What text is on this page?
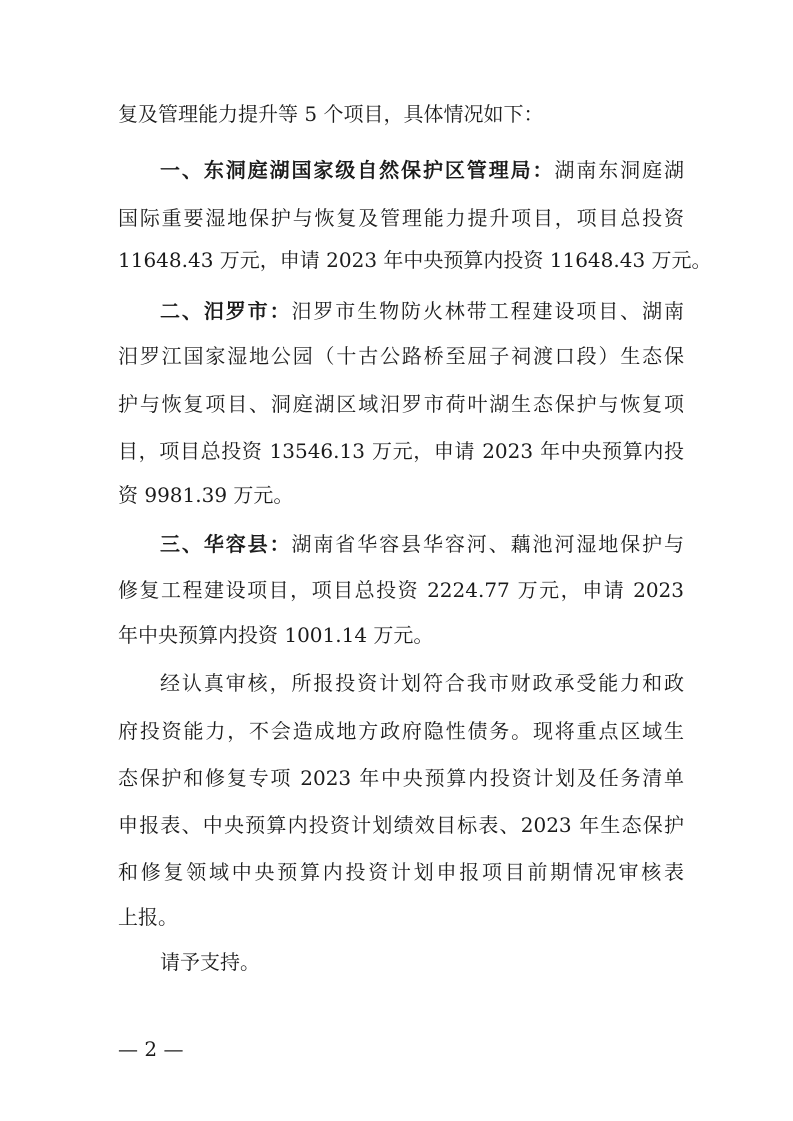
复及管理能力提升等 5 个项目，具体情况如下：
一、东洞庭湖国家级自然保护区管理局：湖南东洞庭湖
国际重要湿地保护与恢复及管理能力提升项目，项目总投资
11648.43 万元，申请 2023 年中央预算内投资 11648.43 万元。
二、汨罗市：汨罗市生物防火林带工程建设项目、湖南
汨罗江国家湿地公园（十古公路桥至屈子祠渡口段）生态保
护与恢复项目、洞庭湖区域汨罗市荷叶湖生态保护与恢复项
目，项目总投资 13546.13 万元，申请 2023 年中央预算内投
资 9981.39 万元。
三、华容县：湖南省华容县华容河、藕池河湿地保护与
修复工程建设项目，项目总投资 2224.77 万元，申请 2023
年中央预算内投资 1001.14 万元。
经认真审核，所报投资计划符合我市财政承受能力和政
府投资能力，不会造成地方政府隐性债务。现将重点区域生
态保护和修复专项 2023 年中央预算内投资计划及任务清单
申报表、中央预算内投资计划绩效目标表、2023 年生态保护
和修复领域中央预算内投资计划申报项目前期情况审核表
上报。
请予支持。
— 2 —
